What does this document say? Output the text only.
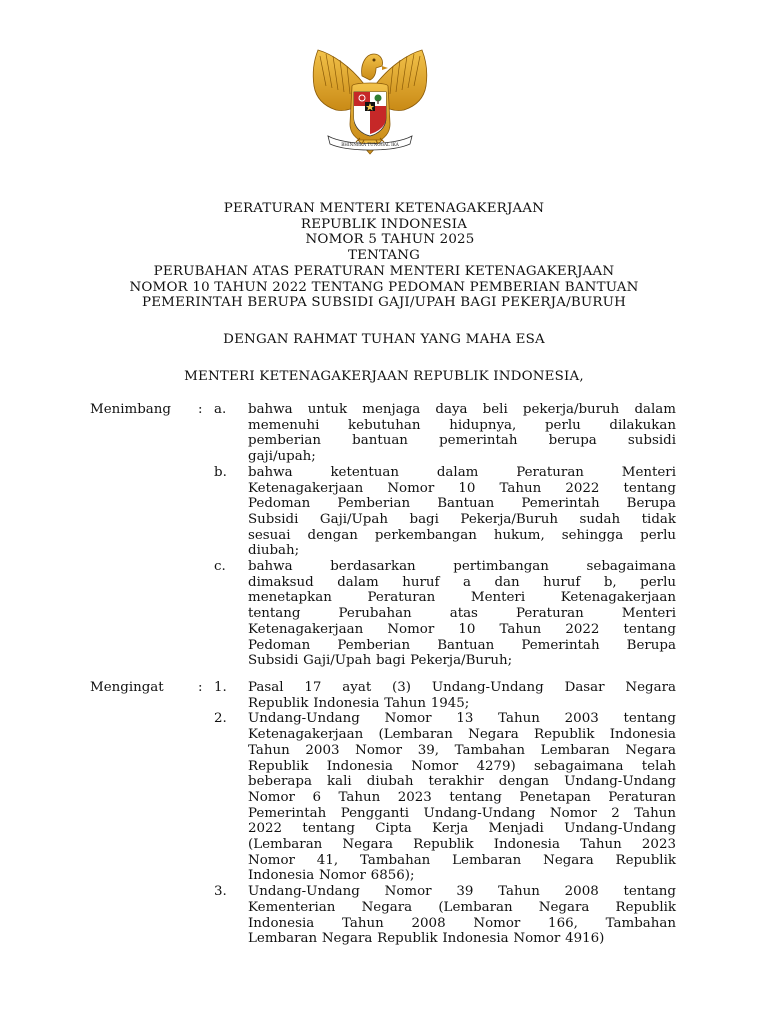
BHINNEKA TUNGGAL IKA
PERATURAN MENTERI KETENAGAKERJAAN
REPUBLIK INDONESIA
NOMOR 5 TAHUN 2025
TENTANG
PERUBAHAN ATAS PERATURAN MENTERI KETENAGAKERJAAN
NOMOR 10 TAHUN 2022 TENTANG PEDOMAN PEMBERIAN BANTUAN
PEMERINTAH BERUPA SUBSIDI GAJI/UPAH BAGI PEKERJA/BURUH
DENGAN RAHMAT TUHAN YANG MAHA ESA
MENTERI KETENAGAKERJAAN REPUBLIK INDONESIA,
Menimbang	: a.	bahwa untuk menjaga daya beli pekerja/buruh dalam
memenuhi kebutuhan hidupnya, perlu dilakukan
pemberian bantuan pemerintah berupa subsidi
gaji/upah;
b.	bahwa ketentuan dalam Peraturan Menteri
Ketenagakerjaan Nomor 10 Tahun 2022 tentang
Pedoman Pemberian Bantuan Pemerintah Berupa
Subsidi Gaji/Upah bagi Pekerja/Buruh sudah tidak
sesuai dengan perkembangan hukum, sehingga perlu
diubah;
c.	bahwa berdasarkan pertimbangan sebagaimana
dimaksud dalam huruf a dan huruf b, perlu
menetapkan Peraturan Menteri Ketenagakerjaan
tentang Perubahan atas Peraturan Menteri
Ketenagakerjaan Nomor 10 Tahun 2022 tentang
Pedoman Pemberian Bantuan Pemerintah Berupa
Subsidi Gaji/Upah bagi Pekerja/Buruh;
Mengingat	: 1.	Pasal 17 ayat (3) Undang-Undang Dasar Negara
Republik Indonesia Tahun 1945;
2.	Undang-Undang Nomor 13 Tahun 2003 tentang
Ketenagakerjaan (Lembaran Negara Republik Indonesia
Tahun 2003 Nomor 39, Tambahan Lembaran Negara
Republik Indonesia Nomor 4279) sebagaimana telah
beberapa kali diubah terakhir dengan Undang-Undang
Nomor 6 Tahun 2023 tentang Penetapan Peraturan
Pemerintah Pengganti Undang-Undang Nomor 2 Tahun
2022 tentang Cipta Kerja Menjadi Undang-Undang
(Lembaran Negara Republik Indonesia Tahun 2023
Nomor 41, Tambahan Lembaran Negara Republik
Indonesia Nomor 6856);
3.	Undang-Undang Nomor 39 Tahun 2008 tentang
Kementerian Negara (Lembaran Negara Republik
Indonesia Tahun 2008 Nomor 166, Tambahan
Lembaran Negara Republik Indonesia Nomor 4916)
